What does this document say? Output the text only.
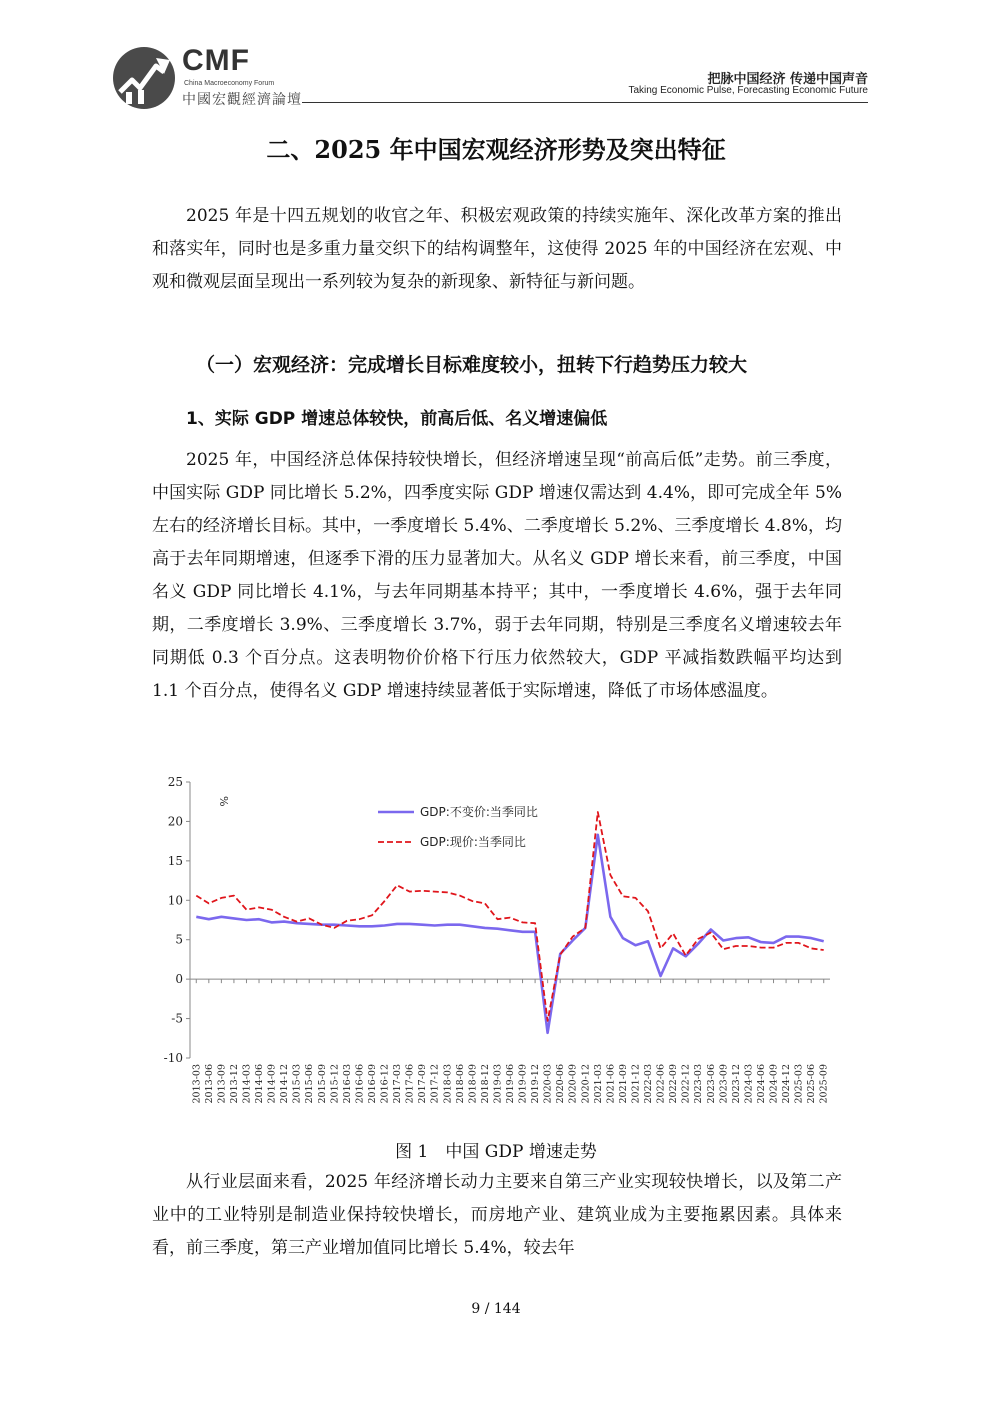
CMF
China Macroeconomy Forum
中國宏觀經濟論壇
把脉中国经济 传递中国声音
Taking Economic Pulse, Forecasting Economic Future
二、2025 年中国宏观经济形势及突出特征

2025 年是十四五规划的收官之年、积极宏观政策的持续实施年、深化改革方案的推出和落实年，同时也是多重力量交织下的结构调整年，这使得 2025 年的中国经济在宏观、中观和微观层面呈现出一系列较为复杂的新现象、新特征与新问题。

（一）宏观经济：完成增长目标难度较小，扭转下行趋势压力较大
1、实际 GDP 增速总体较快，前高后低、名义增速偏低

2025 年，中国经济总体保持较快增长，但经济增速呈现“前高后低”走势。前三季度，中国实际 GDP 同比增长 5.2%，四季度实际 GDP 增速仅需达到 4.4%，即可完成全年 5%左右的经济增长目标。其中，一季度增长 5.4%、二季度增长 5.2%、三季度增长 4.8%，均高于去年同期增速，但逐季下滑的压力显著加大。从名义 GDP 增长来看，前三季度，中国名义 GDP 同比增长 4.1%，与去年同期基本持平；其中，一季度增长 4.6%，强于去年同期，二季度增长 3.9%、三季度增长 3.7%，弱于去年同期，特别是三季度名义增速较去年同期低 0.3 个百分点。这表明物价价格下行压力依然较大，GDP 平减指数跌幅平均达到 1.1 个百分点，使得名义 GDP 增速持续显著低于实际增速，降低了市场体感温度。

-10
-5
0
5
10
15
20
25
%
2013-03 2013-06 2013-09 2013-12 2014-03 2014-06 2014-09 2014-12 2015-03 2015-06 2015-09 2015-12 2016-03 2016-06 2016-09 2016-12 2017-03 2017-06 2017-09 2017-12 2018-03 2018-06 2018-09 2018-12 2019-03 2019-06 2019-09 2019-12 2020-03 2020-06 2020-09 2020-12 2021-03 2021-06 2021-09 2021-12 2022-03 2022-06 2022-09 2022-12 2023-03 2023-06 2023-09 2023-12 2024-03 2024-06 2024-09 2024-12 2025-03 2025-06 2025-09
GDP:不变价:当季同比
GDP:现价:当季同比
图 1　中国 GDP 增速走势

从行业层面来看，2025 年经济增长动力主要来自第三产业实现较快增长，以及第二产业中的工业特别是制造业保持较快增长，而房地产业、建筑业成为主要拖累因素。具体来看，前三季度，第三产业增加值同比增长 5.4%，较去年

9 / 144
